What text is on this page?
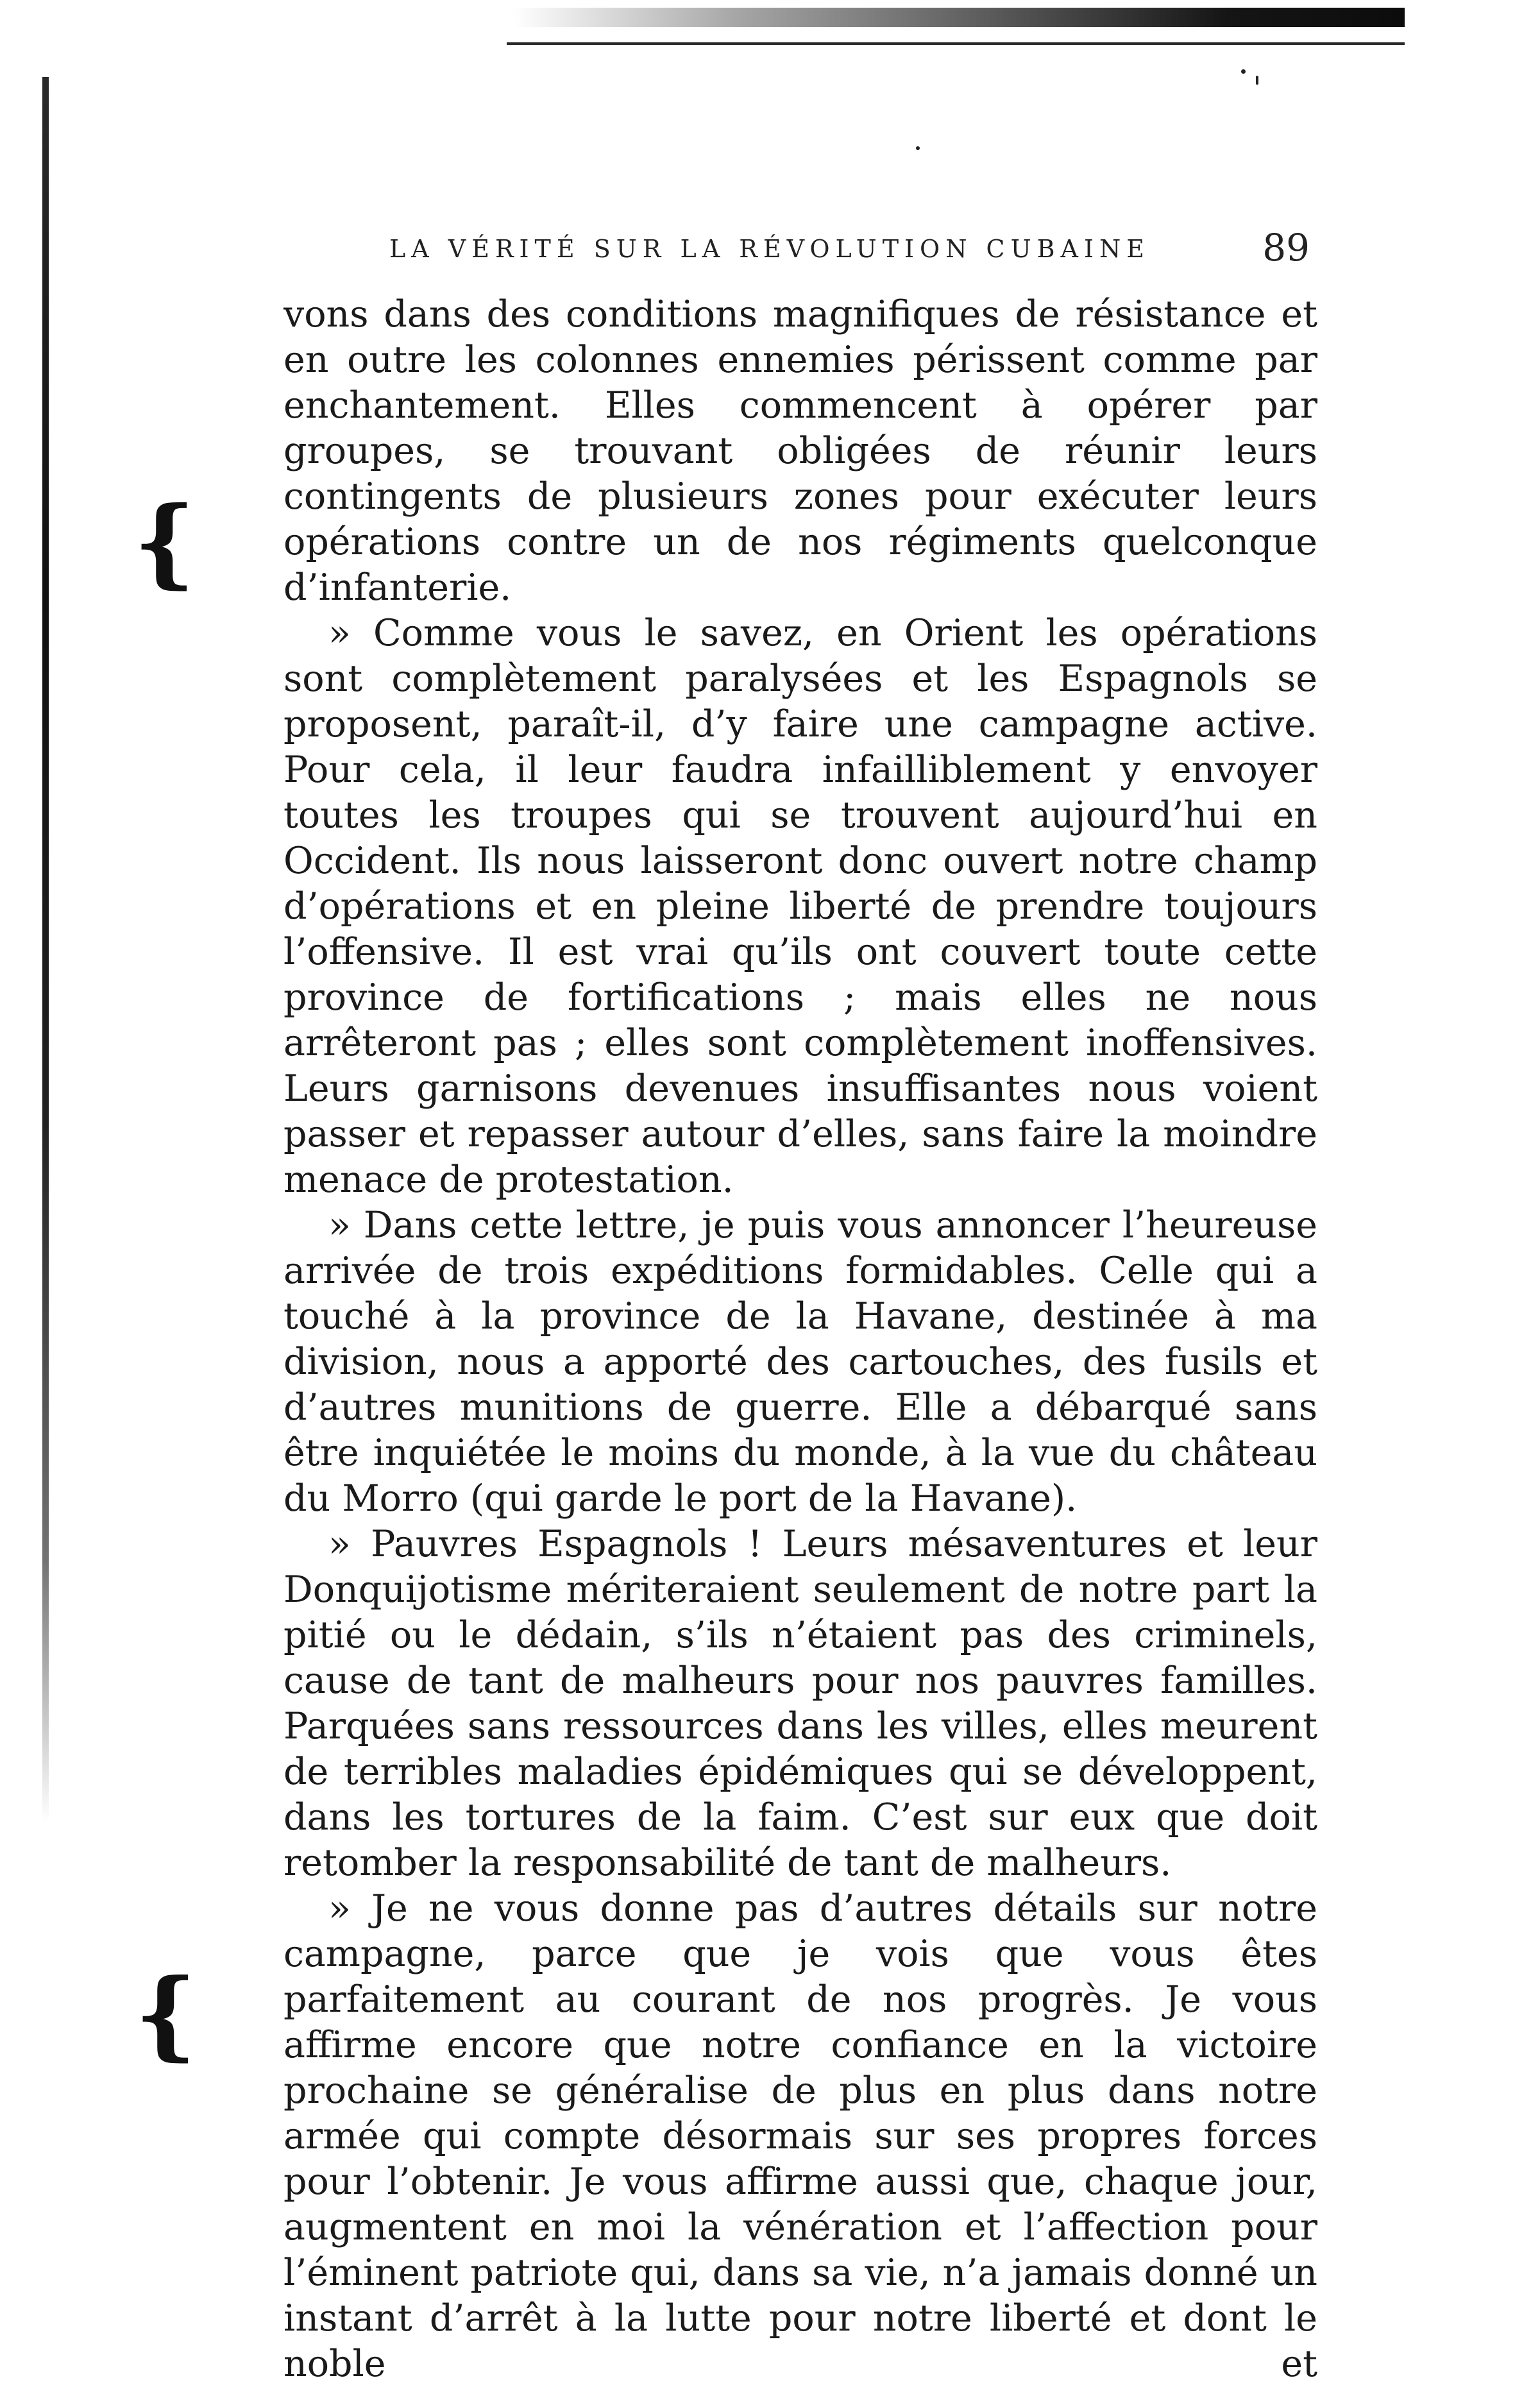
{
{
LA VÉRITÉ SUR LA RÉVOLUTION CUBAINE	89

vons dans des conditions magnifiques de résistance et en outre les colonnes ennemies périssent comme par enchantement. Elles commencent à opérer par groupes, se trouvant obligées de réunir leurs contingents de plusieurs zones pour exécuter leurs opérations contre un de nos régiments quelconque d’infanterie.

» Comme vous le savez, en Orient les opérations sont complètement paralysées et les Espagnols se proposent, paraît-il, d’y faire une campagne active. Pour cela, il leur faudra infailliblement y envoyer toutes les troupes qui se trouvent aujourd’hui en Occident. Ils nous laisseront donc ouvert notre champ d’opérations et en pleine liberté de prendre toujours l’offensive. Il est vrai qu’ils ont couvert toute cette province de fortifications ; mais elles ne nous arrêteront pas ; elles sont complètement inoffensives. Leurs garnisons devenues insuffisantes nous voient passer et repasser autour d’elles, sans faire la moindre menace de protestation.

» Dans cette lettre, je puis vous annoncer l’heureuse arrivée de trois expéditions formidables. Celle qui a touché à la province de la Havane, destinée à ma division, nous a apporté des cartouches, des fusils et d’autres munitions de guerre. Elle a débarqué sans être inquiétée le moins du monde, à la vue du château du Morro (qui garde le port de la Havane).

» Pauvres Espagnols ! Leurs mésaventures et leur Donquijotisme mériteraient seulement de notre part la pitié ou le dédain, s’ils n’étaient pas des criminels, cause de tant de malheurs pour nos pauvres familles. Parquées sans ressources dans les villes, elles meurent de terribles maladies épidémiques qui se développent, dans les tortures de la faim. C’est sur eux que doit retomber la responsabilité de tant de malheurs.

» Je ne vous donne pas d’autres détails sur notre campagne, parce que je vois que vous êtes parfaitement au courant de nos progrès. Je vous affirme encore que notre confiance en la victoire prochaine se généralise de plus en plus dans notre armée qui compte désormais sur ses propres forces pour l’obtenir. Je vous affirme aussi que, chaque jour, augmentent en moi la vénération et l’affection pour l’éminent patriote qui, dans sa vie, n’a jamais donné un instant d’arrêt à la lutte pour notre liberté et dont le noble et
